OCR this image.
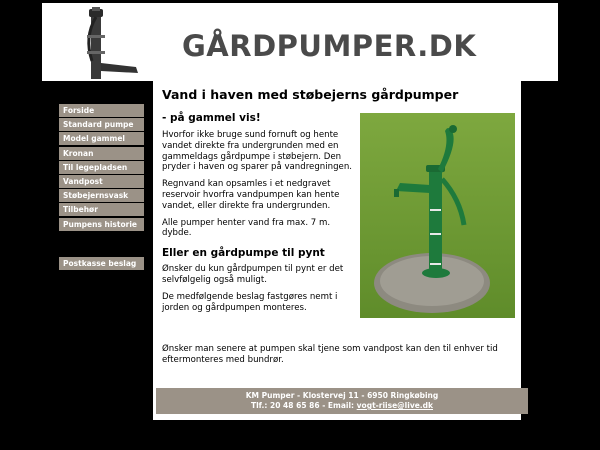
GÅRDPUMPER.DK
Forside
Standard pumpe
Model gammel
Kronan
Til legepladsen
Vandpost
Støbejernsvask
Tilbehør
Pumpens historie
Postkasse beslag
Vand i haven med støbejerns gårdpumper
- på gammel vis!

Hvorfor ikke bruge sund fornuft og hente vandet direkte fra undergrunden med en gammeldags gårdpumpe i støbejern. Den pryder i haven og sparer på vandregningen.

Regnvand kan opsamles i et nedgravet reservoir hvorfra vandpumpen kan hente vandet, eller direkte fra undergrunden.

Alle pumper henter vand fra max. 7 m. dybde.

Eller en gårdpumpe til pynt

Ønsker du kun gårdpumpen til pynt er det selvfølgelig også muligt.

De medfølgende beslag fastgøres nemt i jorden og gårdpumpen monteres.

Ønsker man senere at pumpen skal tjene som vandpost kan den til enhver tid eftermonteres med bundrør.

KM Pumper - Klostervej 11 - 6950 Ringkøbing
Tlf.: 20 48 65 86 - Email: vogt-riise@live.dk
